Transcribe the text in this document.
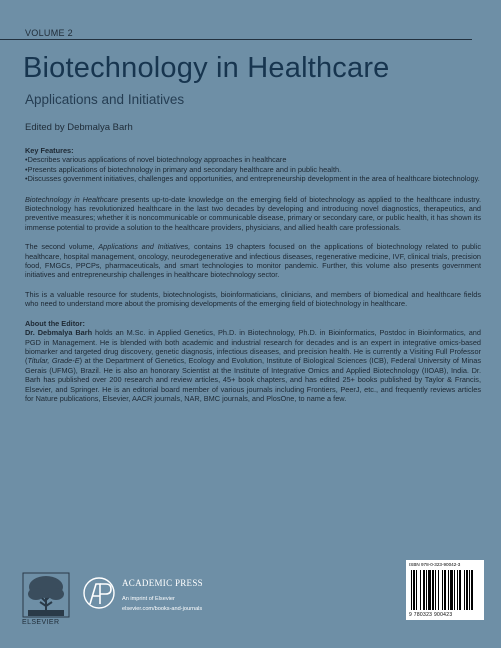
VOLUME 2
Biotechnology in Healthcare
Applications and Initiatives
Edited by Debmalya Barh
Key Features:
• Describes various applications of novel biotechnology approaches in healthcare
• Presents applications of biotechnology in primary and secondary healthcare and in public health.
• Discusses government initiatives, challenges and opportunities, and entrepreneurship development in the area of healthcare biotechnology.

Biotechnology in Healthcare presents up-to-date knowledge on the emerging field of biotechnology as applied to the healthcare industry. Biotechnology has revolutionized healthcare in the last two decades by developing and introducing novel diagnostics, therapeutics, and preventive measures; whether it is noncommunicable or communicable disease, primary or secondary care, or public health, it has shown its immense potential to provide a solution to the healthcare providers, physicians, and allied health care professionals.

The second volume, Applications and Initiatives, contains 19 chapters focused on the applications of biotechnology related to public healthcare, hospital management, oncology, neurodegenerative and infectious diseases, regenerative medicine, IVF, clinical trials, precision food, FMGCs, PPCPs, pharmaceuticals, and smart technologies to monitor pandemic. Further, this volume also presents government initiatives and entrepreneurship challenges in healthcare biotechnology sector.

This is a valuable resource for students, biotechnologists, bioinformaticians, clinicians, and members of biomedical and healthcare fields who need to understand more about the promising developments of the emerging field of biotechnology in healthcare.

About the Editor:

Dr. Debmalya Barh holds an M.Sc. in Applied Genetics, Ph.D. in Biotechnology, Ph.D. in Bioinformatics, Postdoc in Bioinformatics, and PGD in Management. He is blended with both academic and industrial research for decades and is an expert in integrative omics-based biomarker and targeted drug discovery, genetic diagnosis, infectious diseases, and precision health. He is currently a Visiting Full Professor (Titular, Grade-E) at the Department of Genetics, Ecology and Evolution, Institute of Biological Sciences (ICB), Federal University of Minas Gerais (UFMG), Brazil. He is also an honorary Scientist at the Institute of Integrative Omics and Applied Biotechnology (IIOAB), India. Dr. Barh has published over 200 research and review articles, 45+ book chapters, and has edited 25+ books published by Taylor & Francis, Elsevier, and Springer. He is an editorial board member of various journals including Frontiers, PeerJ, etc., and frequently reviews articles for Nature publications, Elsevier, AACR journals, NAR, BMC journals, and PlosOne, to name a few.

ELSEVIER
ACADEMIC PRESS
An imprint of Elsevier
elsevier.com/books-and-journals
ISBN 978-0-323-90042-3
9 780323 900423
